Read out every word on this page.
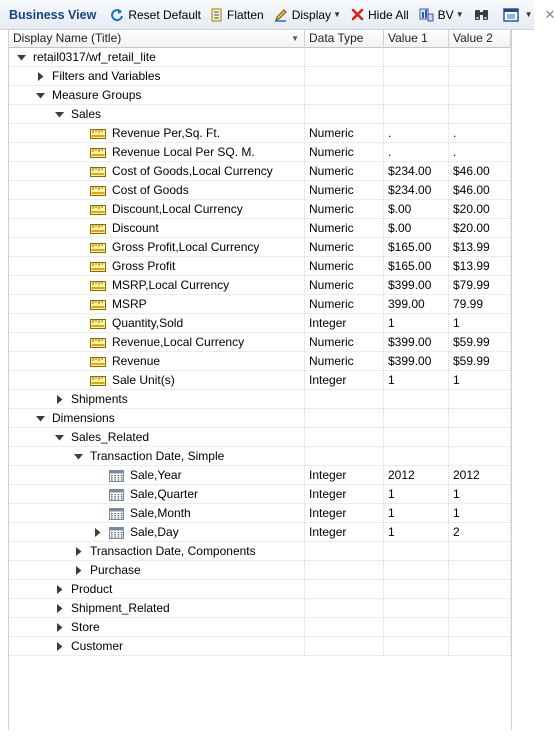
Business View	Reset Default Flatten Display ▼ Hide All BV ▼	▼ ✕
Display Name (Title)	▼ Data Type	Value 1	Value 2
retail0317/wf_retail_lite
Filters and Variables
Measure Groups
Sales
Revenue Per,Sq. Ft.	Numeric	.	.
Revenue Local Per SQ. M.	Numeric	.	.
Cost of Goods,Local Currency	Numeric	$234.00	$46.00
Cost of Goods	Numeric	$234.00	$46.00
Discount,Local Currency	Numeric	$.00	$20.00
Discount	Numeric	$.00	$20.00
Gross Profit,Local Currency	Numeric	$165.00	$13.99
Gross Profit	Numeric	$165.00	$13.99
MSRP,Local Currency	Numeric	$399.00	$79.99
MSRP	Numeric	399.00	79.99
Quantity,Sold	Integer	1	1
Revenue,Local Currency	Numeric	$399.00	$59.99
Revenue	Numeric	$399.00	$59.99
Sale Unit(s)	Integer	1	1
Shipments
Dimensions
Sales_Related
Transaction Date, Simple
Sale,Year	Integer	2012	2012
Sale,Quarter	Integer	1	1
Sale,Month	Integer	1	1
Sale,Day	Integer	1	2
Transaction Date, Components
Purchase
Product
Shipment_Related
Store
Customer
